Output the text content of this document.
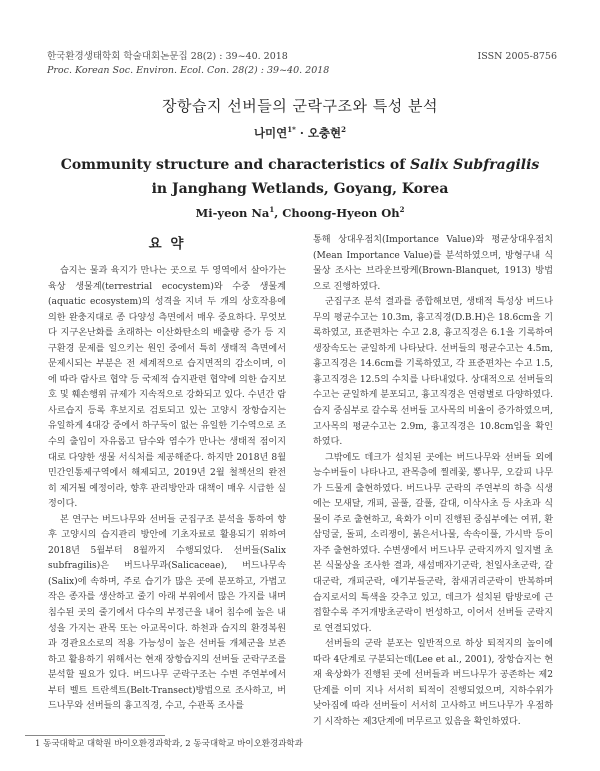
한국환경생태학회 학술대회논문집 28(2) : 39~40. 2018
Proc. Korean Soc. Environ. Ecol. Con. 28(2) : 39~40. 2018
ISSN 2005-8756
장항습지 선버들의 군락구조와 특성 분석
나미연$^{1*}$ · 오충현$^2$
Community structure and characteristics of Salix Subfragilis in Janghang Wetlands, Goyang, Korea
Mi-yeon Na$^1$, Choong-Hyeon Oh$^2$
요 약

습지는 물과 육지가 만나는 곳으로 두 영역에서 살아가는 육상 생물계(terrestrial ecocystem)와 수중 생물계(aquatic ecosystem)의 성격을 지녀 두 개의 상호작용에 의한 완충지대로 종 다양성 측면에서 매우 중요하다. 무엇보다 지구온난화를 초래하는 이산화탄소의 배출량 증가 등 지구환경 문제를 일으키는 원인 중에서 특히 생태적 측면에서 문제시되는 부분은 전 세계적으로 습지면적의 감소이며, 이에 따라 람사르 협약 등 국제적 습지관련 협약에 의한 습지보호 및 훼손행위 규제가 지속적으로 강화되고 있다. 수년간 람사르습지 등록 후보지로 검토되고 있는 고양시 장항습지는 유일하게 4대강 중에서 하구둑이 없는 유일한 기수역으로 조수의 출입이 자유롭고 담수와 염수가 만나는 생태적 점이지대로 다양한 생물 서식처를 제공해준다. 하지만 2018년 8월 민간인통제구역에서 해제되고, 2019년 2월 철책선의 완전히 제거될 예정이라, 향후 관리방안과 대책이 매우 시급한 실정이다.

본 연구는 버드나무와 선버들 군집구조 분석을 통하여 향후 고양시의 습지관리 방안에 기초자료로 활용되기 위하여 2018년 5월부터 8월까지 수행되었다. 선버들(Salix subfragilis)은 버드나무과(Salicaceae), 버드나무속(Salix)에 속하며, 주로 습기가 많은 곳에 분포하고, 가볍고 작은 종자를 생산하고 줄기 아래 부위에서 많은 가지를 내며 침수된 곳의 줄기에서 다수의 부정근을 내어 침수에 높은 내성을 가지는 관목 또는 아교목이다. 하천과 습지의 환경복원과 경관요소로의 적용 가능성이 높은 선버들 개체군을 보존하고 활용하기 위해서는 현재 장항습지의 선버들 군락구조를 분석할 필요가 있다. 버드나무 군락구조는 수변 주연부에서부터 벨트 트란섹트(Belt-Transect)방법으로 조사하고, 버드나무와 선버들의 흉고직경, 수고, 수관폭 조사를

통해 상대우점치(Importance Value)와 평균상대우점치(Mean Importance Value)를 분석하였으며, 방형구내 식물상 조사는 브라운브랑케(Brown-Blanquet, 1913) 방법으로 진행하였다.

군집구조 분석 결과를 종합해보면, 생태적 특성상 버드나무의 평균수고는 10.3m, 흉고직경(D.B.H)은 18.6cm을 기록하였고, 표준편차는 수고 2.8, 흉고직경은 6.1을 기록하여 생장속도는 균일하게 나타났다. 선버들의 평균수고는 4.5m, 흉고직경은 14.6cm를 기록하였고, 각 표준편차는 수고 1.5, 흉고직경은 12.5의 수치를 나타내었다. 상대적으로 선버들의 수고는 균일하게 분포되고, 흉고직경은 연령별로 다양하였다. 습지 중심부로 갈수록 선버들 고사목의 비율이 증가하였으며, 고사목의 평균수고는 2.9m, 흉고직경은 10.8cm임을 확인하였다.

그밖에도 데크가 설치된 곳에는 버드나무와 선버들 외에 능수버들이 나타나고, 관목층에 찔레꽃, 뽕나무, 오갈피 나무가 드물게 출현하였다. 버드나무 군락의 주연부의 하층 식생에는 모새달, 개피, 골풀, 갈풀, 갈대, 이삭사초 등 사초과 식물이 주로 출현하고, 육화가 이미 진행된 중심부에는 여뀌, 환삼덩굴, 돌피, 소리쟁이, 붉은서나물, 속속이풀, 가시박 등이 자주 출현하였다. 수변생에서 버드나무 군락지까지 일지별 초본 식물상을 조사한 결과, 새섬매자기군락, 천일사초군락, 갈대군락, 개피군락, 애기부들군락, 참새귀리군락이 반복하며 습지로서의 특색을 갖추고 있고, 데크가 설치된 탐방로에 근접할수록 주거개방초군락이 번성하고, 이어서 선버들 군락지로 연결되었다.

선버들의 군락 분포는 일반적으로 하상 퇴적지의 높이에 따라 4단계로 구분되는데(Lee et al., 2001), 장항습지는 현재 육상화가 진행된 곳에 선버들과 버드나무가 공존하는 제2단계를 이미 지나 서서히 퇴적이 진행되었으며, 지하수위가 낮아짐에 따라 선버들이 서서히 고사하고 버드나무가 우점하기 시작하는 제3단계에 머무르고 있음을 확인하였다.

1 동국대학교 대학원 바이오환경과학과, 2 동국대학교 바이오환경과학과
